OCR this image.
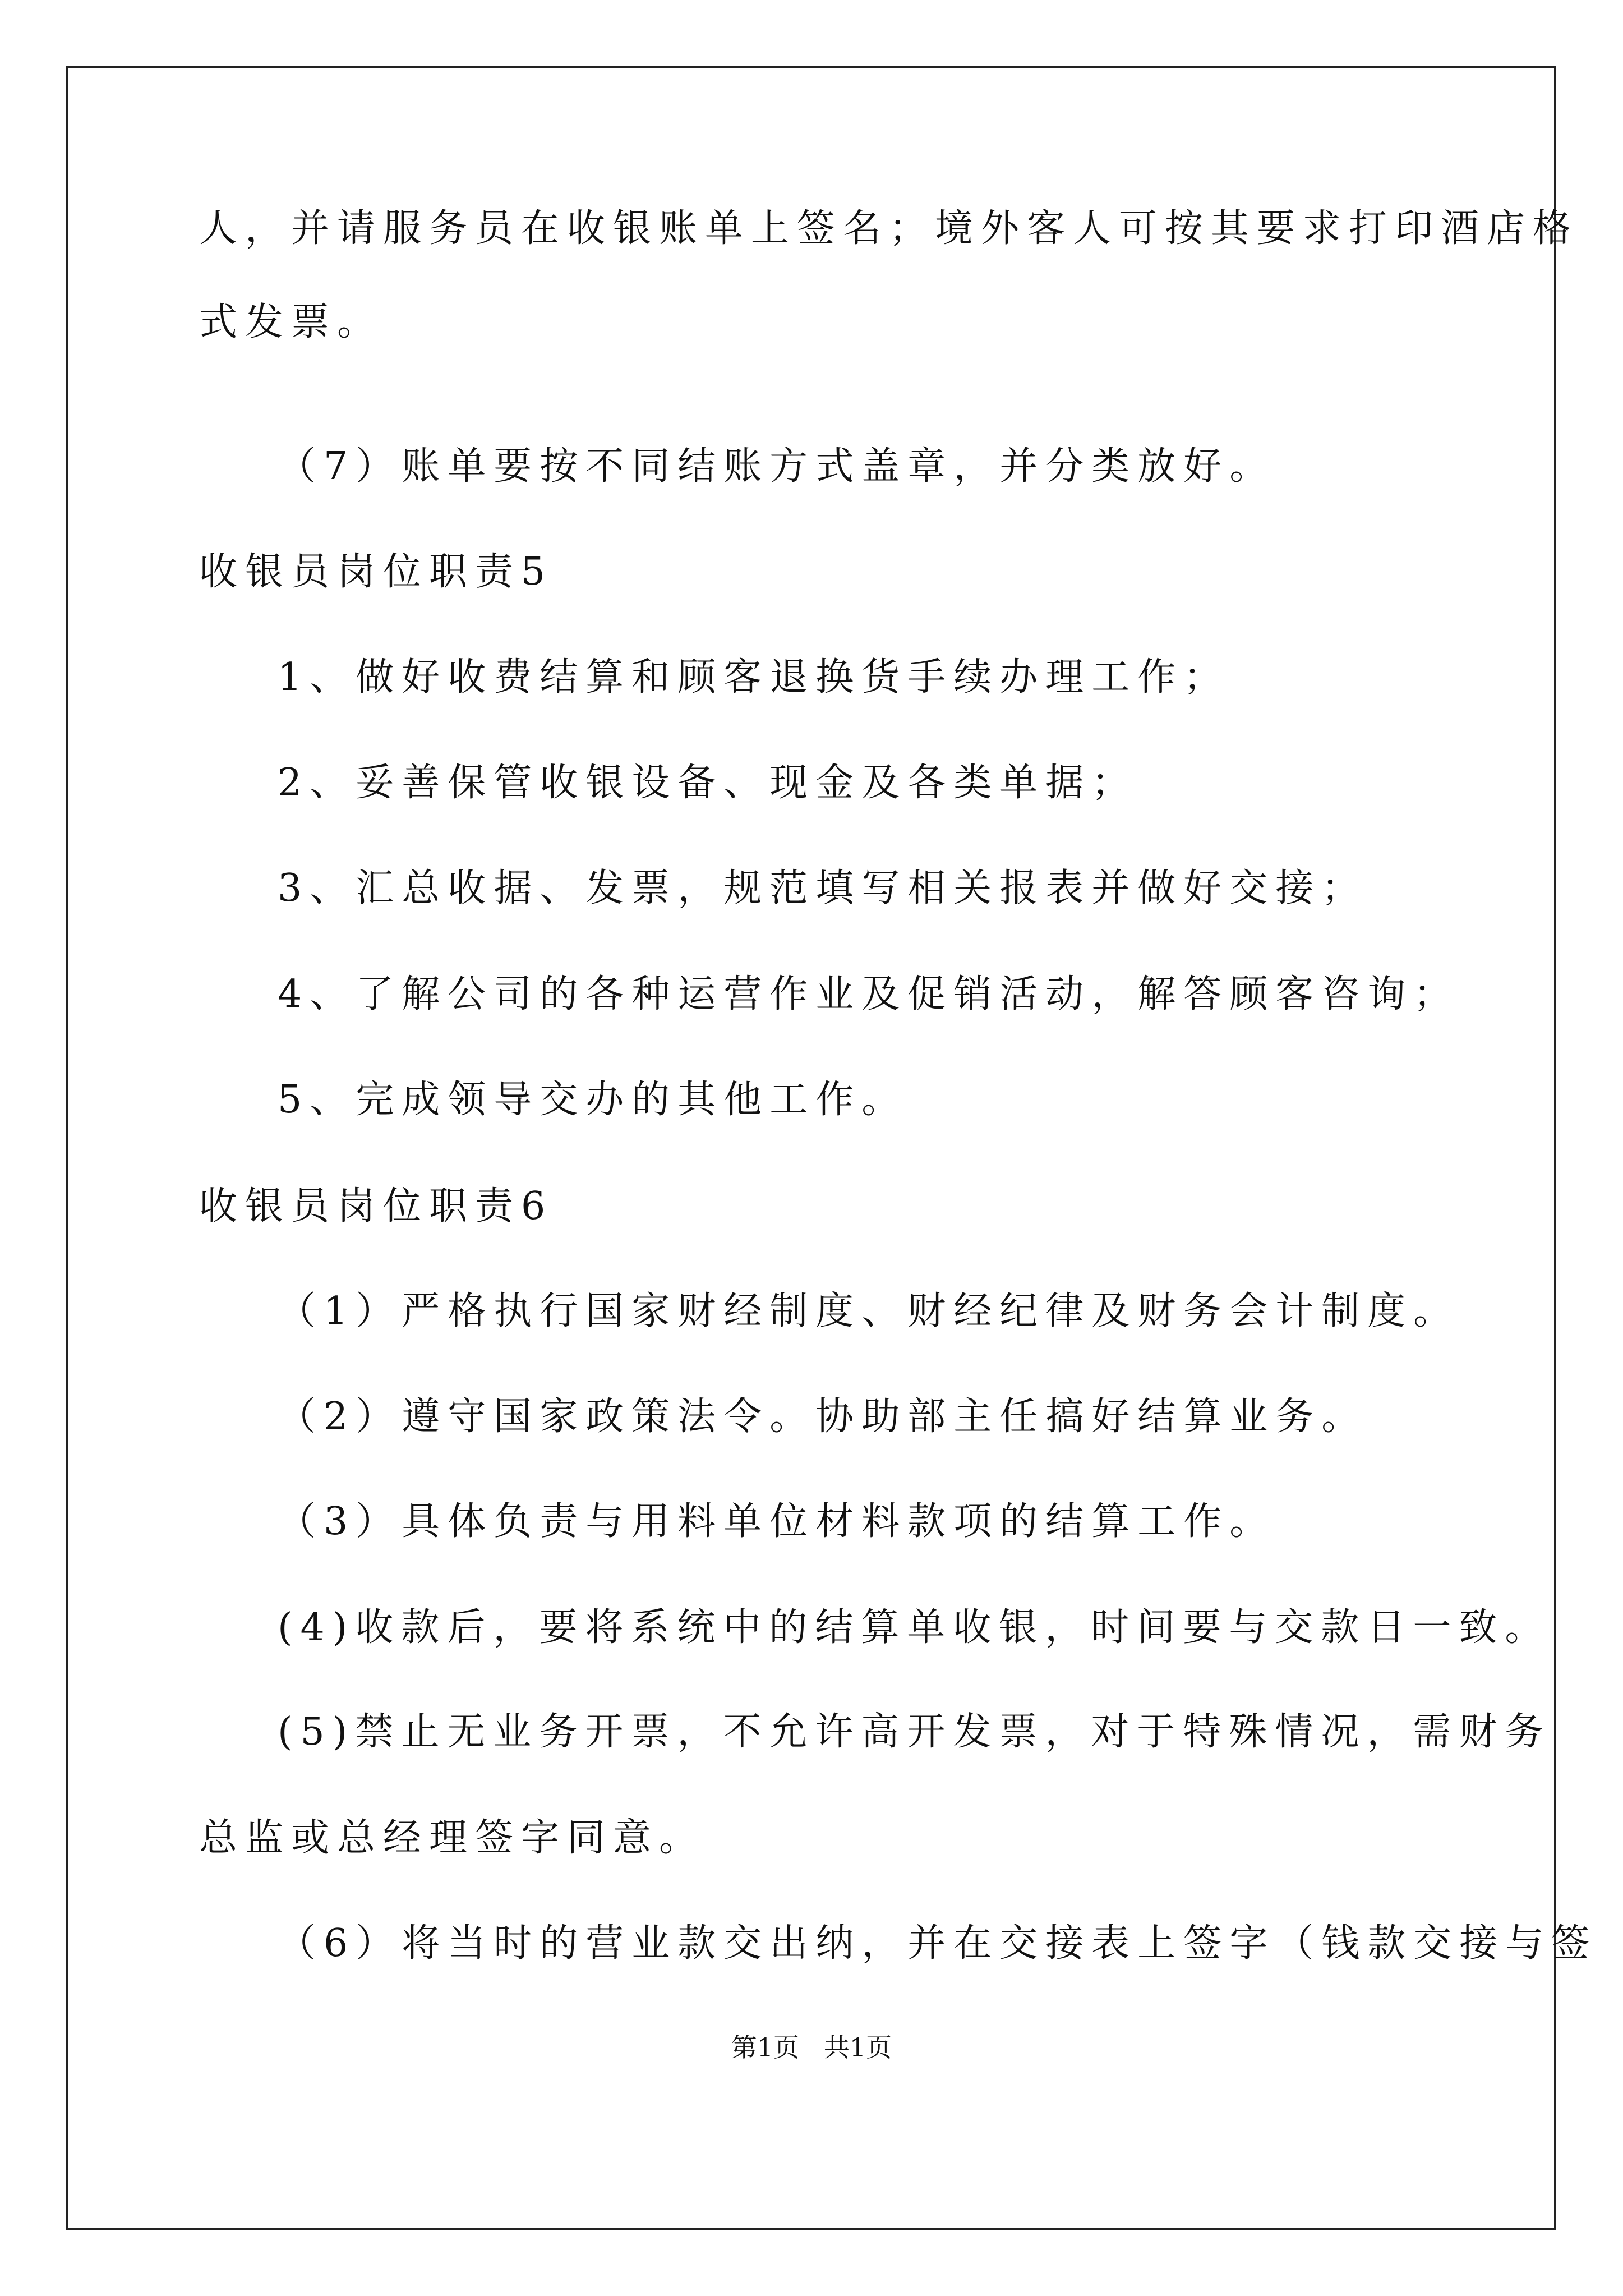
人，并请服务员在收银账单上签名；境外客人可按其要求打印酒店格
式发票。
（7）账单要按不同结账方式盖章，并分类放好。
收银员岗位职责5
1、做好收费结算和顾客退换货手续办理工作；
2、妥善保管收银设备、现金及各类单据；
3、汇总收据、发票，规范填写相关报表并做好交接；
4、了解公司的各种运营作业及促销活动，解答顾客咨询；
5、完成领导交办的其他工作。
收银员岗位职责6
（1）严格执行国家财经制度、财经纪律及财务会计制度。
（2）遵守国家政策法令。协助部主任搞好结算业务。
（3）具体负责与用料单位材料款项的结算工作。
(4)收款后，要将系统中的结算单收银，时间要与交款日一致。
(5)禁止无业务开票，不允许高开发票，对于特殊情况，需财务
总监或总经理签字同意。
（6）将当时的营业款交出纳，并在交接表上签字（钱款交接与签
第1页   共1页
